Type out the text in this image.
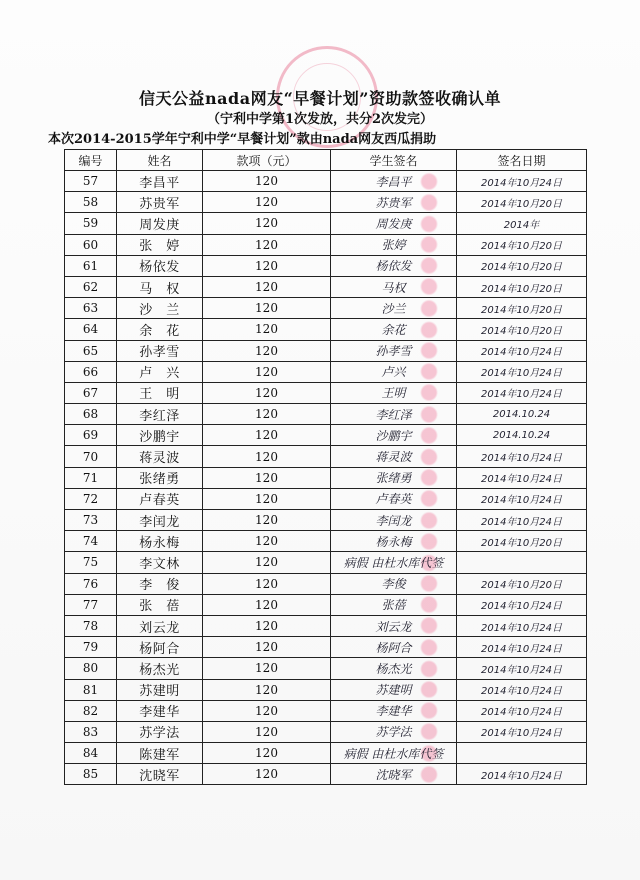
信天公益nada网友“早餐计划”资助款签收确认单
（宁利中学第1次发放，共分2次发完）
本次2014-2015学年宁利中学“早餐计划”款由nada网友西瓜捐助
编号	姓名	款项（元）	学生签名	签名日期
57	李昌平	120	李昌平	2014年10月24日
58	苏贵军	120	苏贵军	2014年10月20日
59	周发庚	120	周发庚	2014年
60	张　婷	120	张婷	2014年10月20日
61	杨依发	120	杨依发	2014年10月20日
62	马　权	120	马权	2014年10月20日
63	沙　兰	120	沙兰	2014年10月20日
64	余　花	120	余花	2014年10月20日
65	孙孝雪	120	孙孝雪	2014年10月24日
66	卢　兴	120	卢兴	2014年10月24日
67	王　明	120	王明	2014年10月24日
68	李红泽	120	李红泽	2014.10.24
69	沙鹏宇	120	沙鹏宇	2014.10.24
70	蒋灵波	120	蒋灵波	2014年10月24日
71	张绪勇	120	张绪勇	2014年10月24日
72	卢春英	120	卢春英	2014年10月24日
73	李闰龙	120	李闰龙	2014年10月24日
74	杨永梅	120	杨永梅	2014年10月20日
75	李文林	120	病假 由杜水库代签	
76	李　俊	120	李俊	2014年10月20日
77	张　蓓	120	张蓓	2014年10月24日
78	刘云龙	120	刘云龙	2014年10月24日
79	杨阿合	120	杨阿合	2014年10月24日
80	杨杰光	120	杨杰光	2014年10月24日
81	苏建明	120	苏建明	2014年10月24日
82	李建华	120	李建华	2014年10月24日
83	苏学法	120	苏学法	2014年10月24日
84	陈建军	120	病假 由杜水库代签	
85	沈晓军	120	沈晓军	2014年10月24日
